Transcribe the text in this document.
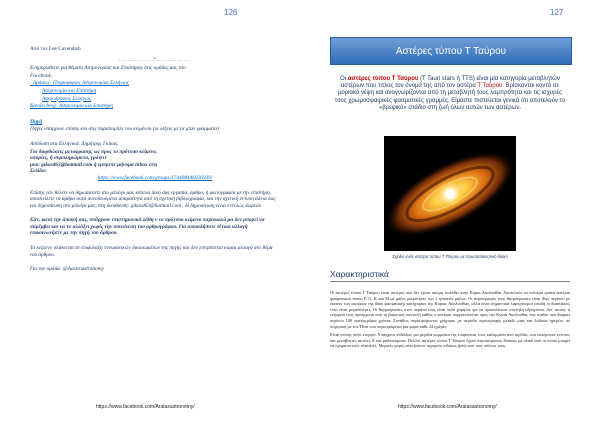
126

Από τον Lee Cavendish

...................*...................

Ενημερωθείτε για θέματα Αστρονομίας και Επιστήμης στις ομάδες μας στο

Facebook:

- Δράσεις- Πληροφορίες Αστρονομίας Σελήνιος

Αστρονομία και Επιστήμη

Αστροδράσεις Σελήνιος

Κανάλι blog: Αστρονομία και Επιστήμη

Πηγή

Πηγές υπάρχουν επίσης και στις παραπομπές του κειμένου (οι λέξεις με τα μπλε γράμματα)

Απόδοση στα Ελληνικά: Δημήτρης Γκίκας.

Για διορθώσεις μεταφρασης ως προς το πρότυπο κείμενο,

απορίες, ή συμπληρώματα, γράψτε

μου: gikasd63@hotmail.com ή εμπρεπε μήνυμα inbox στη

Σελίδα:

https://www.facebook.com/groups/174408446026939/

Επίσης εάν θέλετε να δημοσιεύετε στο μπλόγκ μας κάποια δική σας εργασία, άρθρο, ή φωτογραφία με την επιστήμη, αποστείλετε τα άρθρα αυτά συνοδευόμενα απαραίτητα από τη σχετική βιβλιογραφία, και την σχετική έντυπη άδεια σας για δημοσίευση στο μπλόγκ μας, στη διεύθυνση: gikasd63@hotmail.com . Η δημοσίευση είναι εντελώς δωρεάν.

Εάν, κατά την άποψή σας, υπάρχουν επιστημονικά λάθη ν το πρότυπο κείμενο παρακαλώ μα δεν μπορεί να παρέμβει και να το αλλάξει χωρίς την συναίνεση του αρθρογράφου. Για οποιαδήποτε τέτοια αλλαγή επικοινωνήστε με την πηγή του άρθρου.

Το κείμενο υπάκειται σε επιφύλαξη πνευματικών δικαιωμάτων της πηγής και δεν επιτρέπεται καμία αλλαγή στο θέμα του άρθρου.

Για την ομάδα: @Αastroastronomy

https://www.facebook.com/Arataxastronomy/
127
Αστέρες τύπου Τ Ταύρου
Οι αστέρες τύπου Τ Ταύρου (T Tauri stars ή TTS) είναι μία κατηγορία μεταβλητών αστέρων που τιτλος τον όνομά της από τον αστέρα Τ Ταύρου. Βρίσκονται κοντά σε μοριακά νέφη και αναγνωρίζονται από τη μεταβλητή τους λαμπρότητα και τις ισχυρές τους χρωμοσφαιρικές φασματικές γραμμές. Είμαστε πιστεύεται γενικά ότι αποτελούν το «βρεφικό» στάδιο στη ζωή όλων αυτών των αστέρων.
Σχέδιο ενός αστέρα τύπου Τ Ταύρου με πρωτοπλανητικό δίσκο
Χαρακτηριστικά

Οι αστέρες τύπου Τ Ταύρου είναι αστέρες που δεν έχουν ακόμη εισέλθει στην Κύρια Ακολουθία. Αποτελούν τα νεότερα ορατά αστέρια φασματικού τύπου F, G, K και M με μάζες μικρότερες των 2 ηλιακών μαζών. Οι ατμόσφαιρές τους θερμοκρασίες είναι ίδιες περίπου με εκείνες των αστέρων της ίδιας φασματικής κατηγορίας της Κύριας Ακολουθίας, αλλά είναι σημαντικά λαμπρότεροι επειδή οι διαστάσεις τους είναι μεγαλύτερες. Οι θερμοκρασίες στον πυρήνα τους είναι πολύ χαμηλές για να προκαλέσουν σύντηξη υδρογόνου. Αντ' αυτού, η ενέργειά τους προέρχεται από τη βαρυτική συστολή καθώς ο αστέρας συρρικνώνεται προς την Κύρια Ακολουθία, ένα στάδιο που διαρκεί περίπου 100 εκατομμύρια χρόνια. Συνήθως περιστρέφονται γρήγορα, με περίοδο περιστροφής μεταξύ μιας και δώδεκα ημερών, σε σύγκριση με τον Ήλιο που περιστρέφεται μία φορά κάθε 24 ημέρες.

Είναι επίσης πολύ ενεργοί. Υπάρχουν ενδείξεις για μεγάλα κομμάτια της επιφάνειας τους καλυμμένα από κηλίδες, και εκπέμπουν έντονες και μεταβλητές ακτίνες Χ και ραδιοκύματα. Πολλοί αστέρες τύπου Τ Ταύρου έχουν περιαστρικούς δίσκους με υλικό από το οποίο μπορεί να σχηματιστούν πλανήτες. Μερικές φορές εκτοξεύουν ισχυρούς πίδακες (jets) από τους πόλους τους.

https://www.facebook.com/Arataxastronomy/
